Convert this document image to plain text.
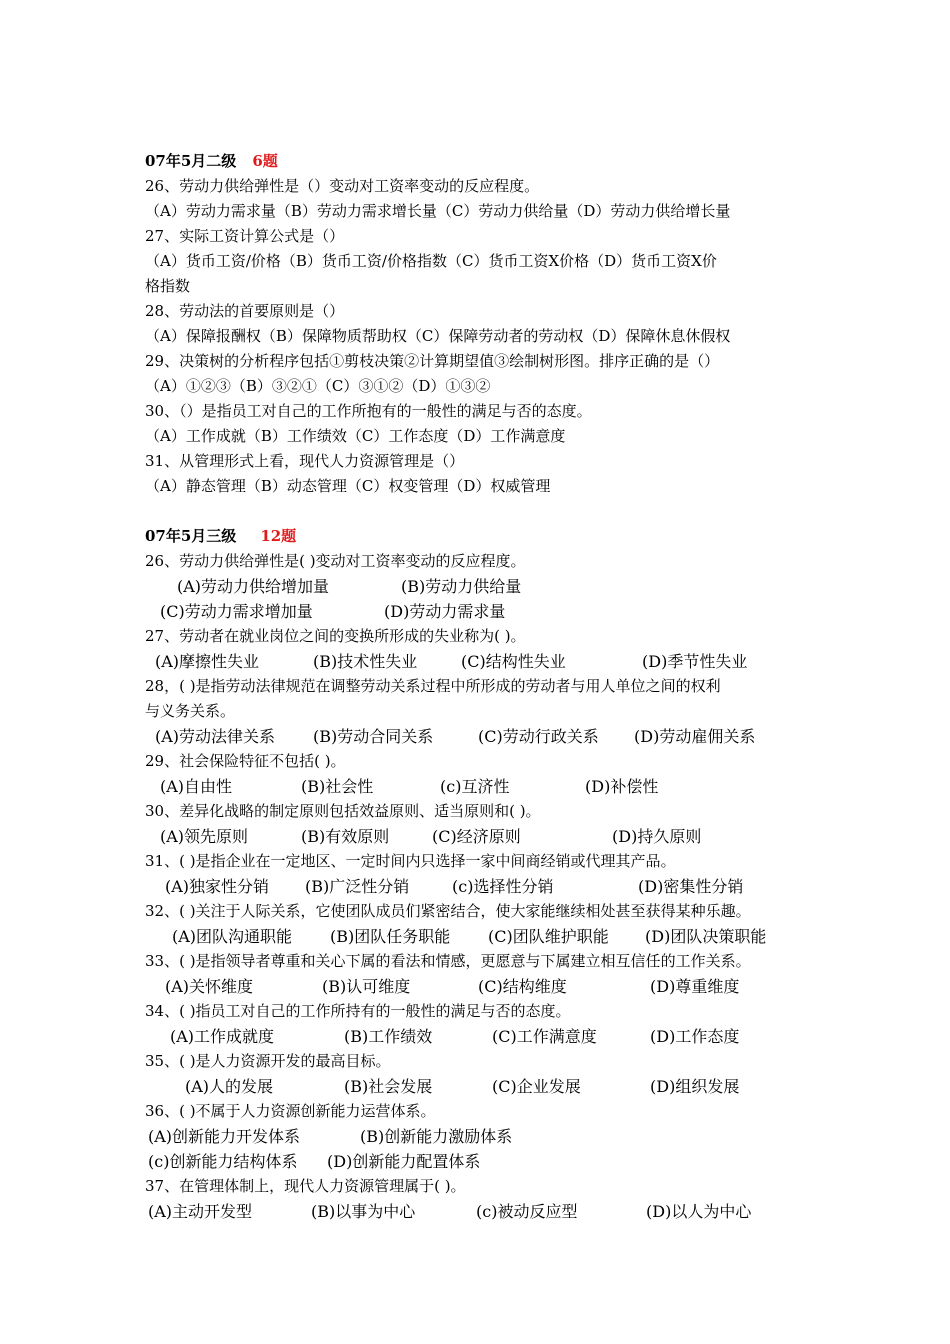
07年5月二级 6题
26、劳动力供给弹性是（）变动对工资率变动的反应程度。
（A）劳动力需求量（B）劳动力需求增长量（C）劳动力供给量（D）劳动力供给增长量
27、实际工资计算公式是（）
（A）货币工资/价格（B）货币工资/价格指数（C）货币工资X价格（D）货币工资X价
格指数
28、劳动法的首要原则是（）
（A）保障报酬权（B）保障物质帮助权（C）保障劳动者的劳动权（D）保障休息休假权
29、决策树的分析程序包括①剪枝决策②计算期望值③绘制树形图。排序正确的是（）
（A）①②③（B）③②①（C）③①②（D）①③②
30、（）是指员工对自己的工作所抱有的一般性的满足与否的态度。
（A）工作成就（B）工作绩效（C）工作态度（D）工作满意度
31、从管理形式上看，现代人力资源管理是（）
（A）静态管理（B）动态管理（C）权变管理（D）权威管理
07年5月三级 12题
26、劳动力供给弹性是( )变动对工资率变动的反应程度。
(A)劳动力供给增加量	(B)劳动力供给量
(C)劳动力需求增加量	(D)劳动力需求量
27、劳动者在就业岗位之间的变换所形成的失业称为( )。
(A)摩擦性失业	(B)技术性失业	(C)结构性失业	(D)季节性失业
28，( )是指劳动法律规范在调整劳动关系过程中所形成的劳动者与用人单位之间的权利
与义务关系。
(A)劳动法律关系 (B)劳动合同关系	(C)劳动行政关系 (D)劳动雇佣关系
29、社会保险特征不包括( )。
(A)自由性	(B)社会性	(c)互济性	(D)补偿性
30、差异化战略的制定原则包括效益原则、适当原则和( )。
(A)领先原则	(B)有效原则	(C)经济原则	(D)持久原则
31、( )是指企业在一定地区、一定时间内只选择一家中间商经销或代理其产品。
(A)独家性分销 (B)广泛性分销	(c)选择性分销	(D)密集性分销
32、( )关注于人际关系，它使团队成员们紧密结合，使大家能继续相处甚至获得某种乐趣。
(A)团队沟通职能 (B)团队任务职能 (C)团队维护职能 (D)团队决策职能
33、( )是指领导者尊重和关心下属的看法和情感，更愿意与下属建立相互信任的工作关系。
(A)关怀维度	(B)认可维度	(C)结构维度	(D)尊重维度
34、( )指员工对自己的工作所持有的一般性的满足与否的态度。
(A)工作成就度	(B)工作绩效	(C)工作满意度	(D)工作态度
35、( )是人力资源开发的最高目标。
(A)人的发展	(B)社会发展	(C)企业发展	(D)组织发展
36、( )不属于人力资源创新能力运营体系。
(A)创新能力开发体系	(B)创新能力激励体系
(c)创新能力结构体系 (D)创新能力配置体系
37、在管理体制上，现代人力资源管理属于( )。
(A)主动开发型	(B)以事为中心	(c)被动反应型	(D)以人为中心
